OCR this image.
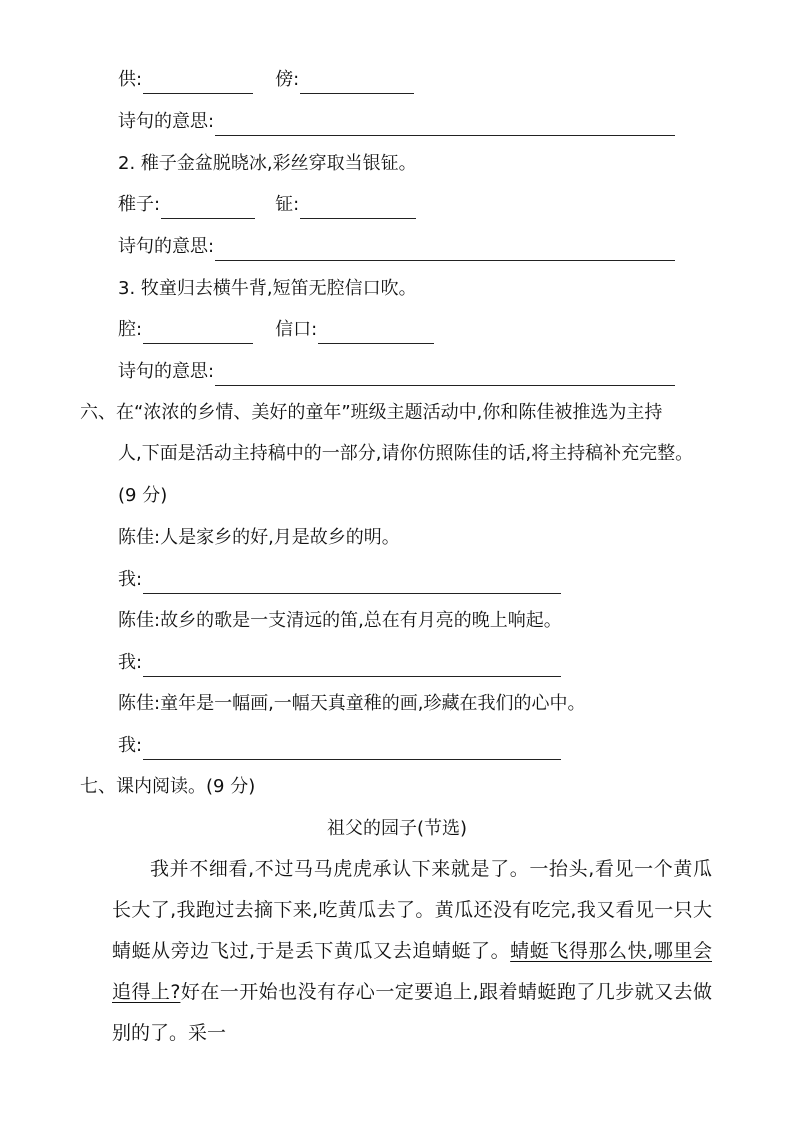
供:	傍:
诗句的意思:
2. 稚子金盆脱晓冰,彩丝穿取当银钲。
稚子:	钲:
诗句的意思:
3. 牧童归去横牛背,短笛无腔信口吹。
腔:	信口:
诗句的意思:
六、在“浓浓的乡情、美好的童年”班级主题活动中,你和陈佳被推选为主持
人,下面是活动主持稿中的一部分,请你仿照陈佳的话,将主持稿补充完整。
(9 分)
陈佳:人是家乡的好,月是故乡的明。
我:
陈佳:故乡的歌是一支清远的笛,总在有月亮的晚上响起。
我:
陈佳:童年是一幅画,一幅天真童稚的画,珍藏在我们的心中。
我:
七、课内阅读。(9 分)
祖父的园子(节选)
我并不细看,不过马马虎虎承认下来就是了。一抬头,看见一个黄瓜长大了,我跑过去摘下来,吃黄瓜去了。黄瓜还没有吃完,我又看见一只大蜻蜓从旁边飞过,于是丢下黄瓜又去追蜻蜓了。蜻蜓飞得那么快,哪里会追得上?好在一开始也没有存心一定要追上,跟着蜻蜓跑了几步就又去做别的了。采一
